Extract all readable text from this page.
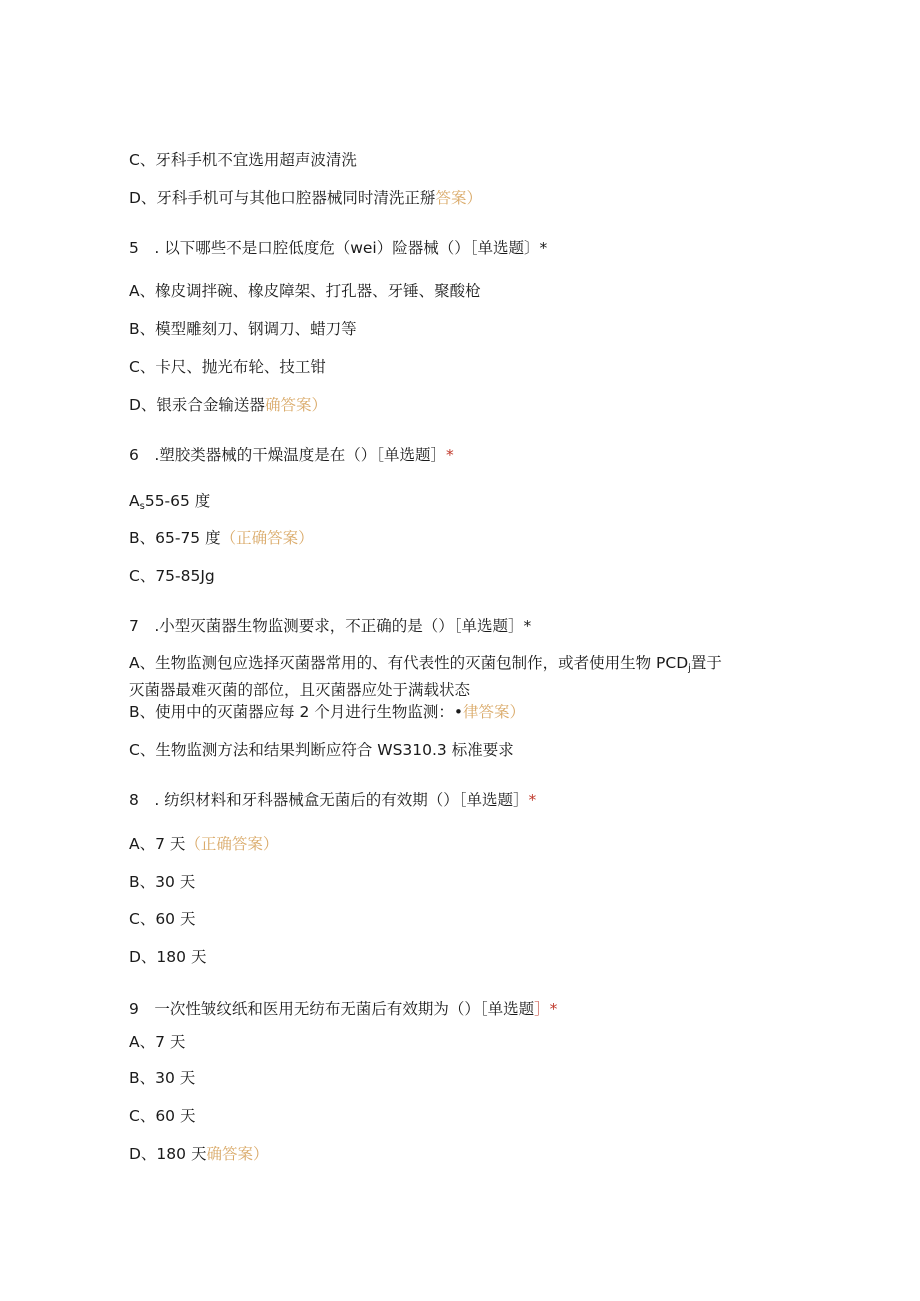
C、牙科手机不宜选用超声波清洗
D、牙科手机可与其他口腔器械同时清洗正掰答案）
5　. 以下哪些不是口腔低度危（wei）险器械（）［单选题〕*
A、橡皮调拌碗、橡皮障架、打孔器、牙锤、聚酸枪
B、模型雕刻刀、钢调刀、蜡刀等
C、卡尺、抛光布轮、技工钳
D、银汞合金输送器确答案）
6　.塑胶类器械的干燥温度是在（）［单选题］*
$A_s55-65$ 度
B、65-75 度（正确答案）
C、75-85Jg
7　.小型灭菌器生物监测要求，不正确的是（）［单选题］*
A、生物监测包应选择灭菌器常用的、有代表性的灭菌包制作，或者使用生物 $PCD_j$置于
灭菌器最难灭菌的部位，且灭菌器应处于满载状态
B、使用中的灭菌器应每 2 个月进行生物监测：•律答案）
C、生物监测方法和结果判断应符合 WS310.3 标准要求
8　. 纺织材料和牙科器械盒无菌后的有效期（）［单选题］*
A、7 天（正确答案）
B、30 天
C、60 天
D、180 天
9　一次性皱纹纸和医用无纺布无菌后有效期为（）［单选题］*
A、7 天
B、30 天
C、60 天
D、180 天确答案）
